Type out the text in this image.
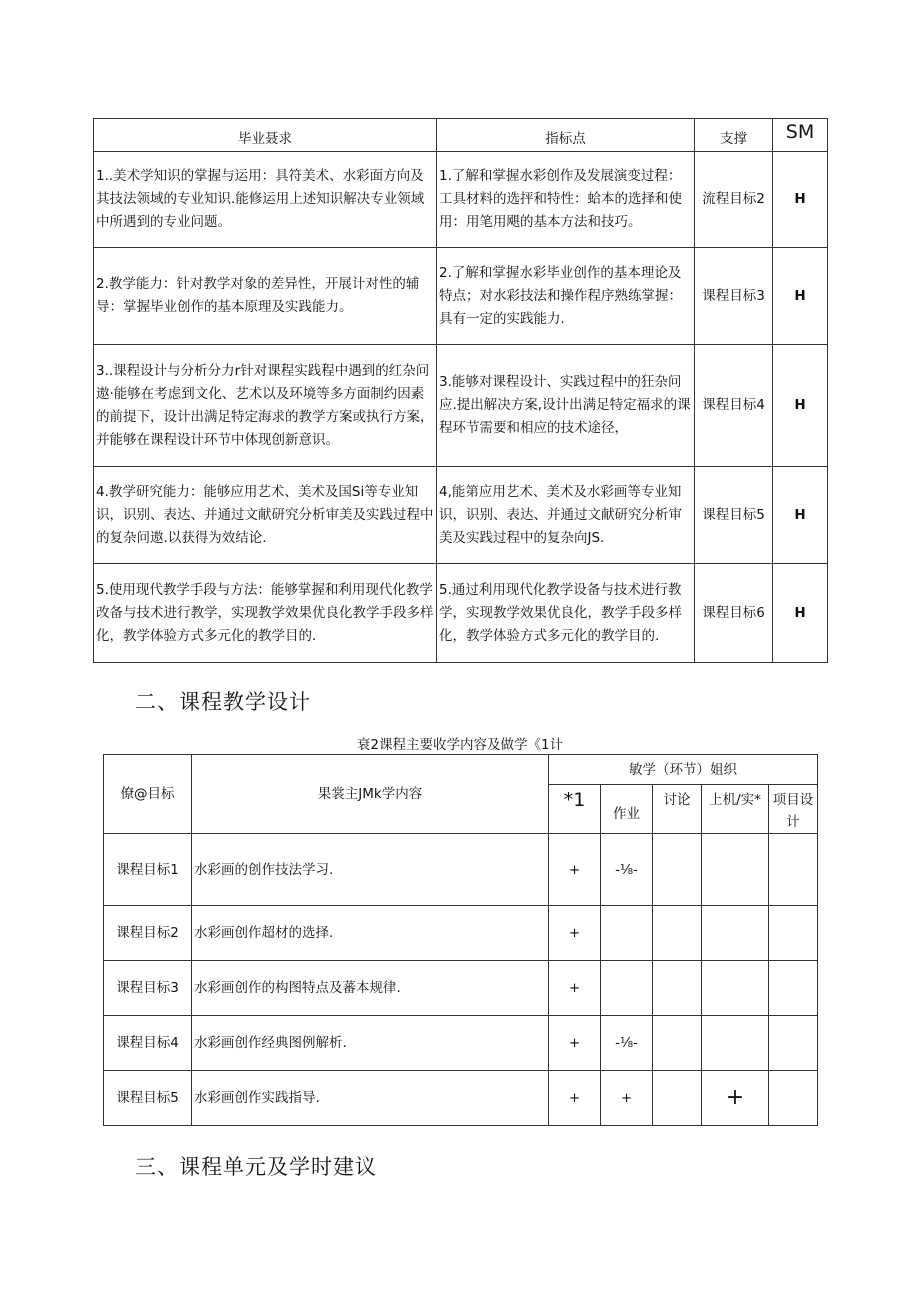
毕业聂求	指标点	支撑	SM
1..美术学知识的掌握与运用：具符美术、水彩面方向及其技法领域的专业知识.能修运用上述知识解决专业领域中所遇到的专业问题。	1.了解和掌握水彩创作及发展演变过程：工具材料的选抨和特性：蛤本的选择和使用：用笔用飓的基本方法和技巧。	流程目标2	H
2.教学能力：针对教学对象的差异性，开展计对性的辅导：掌握毕业创作的基本原理及实践能力。	2.了解和掌握水彩毕业创作的基本理论及特点；对水彩技法和操作程序熟练掌握：具有一定的实践能力.	课程目标3	H
3..课程设计与分析分力r针对课程实践程中遇到的红杂问遨·能够在考虑到文化、艺术以及环境等多方面制约因素的前提下，设计出满足特定海求的教学方案或执行方案，并能够在课程设计环节中体现创新意识。	3.能够对课程设计、实践过程中的狂杂问应.提出解决方案,设计出满足特定福求的课程环节需要和相应的技术途径，	课程目标4	H
4.教学研究能力：能够应用艺术、美术及国Si等专业知识，识别、表达、并通过文献研究分析审美及实践过程中的复杂问遨.以获得为效结论.	4,能第应用艺术、美术及水彩画等专业知识，识别、表达、并通过文献研究分析审美及实践过程中的复杂向JS.	课程目标5	H
5.使用现代教学手段与方法：能够掌握和利用现代化教学改备与技术进行教学，实现教学效果优良化教学手段多样化，教学体验方式多元化的教学目的.	5.通过利用现代化教学设备与技术进行教学，实现教学效果优良化，教学手段多样化，教学体验方式多元化的教学目的.	课程目标6	H
二、课程教学设计
衰2课程主要收学内容及做学《1计
僚@目标	果裳主JMk学内容	敏学（环节）姐织				
		*1	作业	讨论	上机/实*	项目设计
课程目标1	水彩画的创作技法学习.	+	-⅛-			
课程目标2	水彩画创作超材的选择.	+				
课程目标3	水彩画创作的构图特点及蕃本规律.	+				
课程目标4	水彩画创作经典图例解析.	+	-⅛-			
课程目标5	水彩画创作实践指导.	+	+		+	
三、课程单元及学时建议
